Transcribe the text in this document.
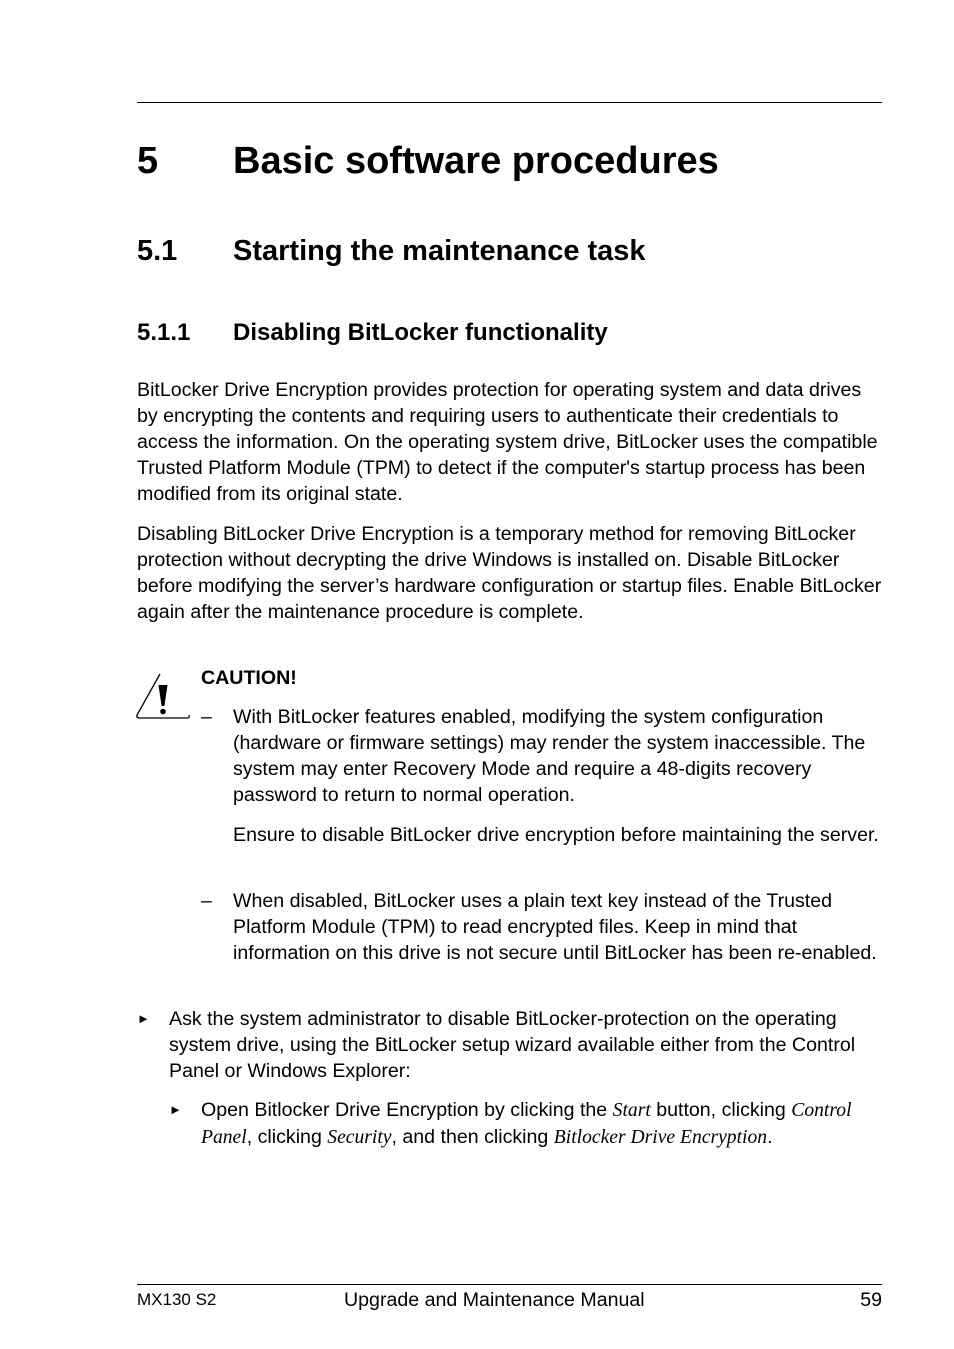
5 Basic software procedures
5.1 Starting the maintenance task
5.1.1 Disabling BitLocker functionality
BitLocker Drive Encryption provides protection for operating system and data drives by encrypting the contents and requiring users to authenticate their credentials to access the information. On the operating system drive, BitLocker uses the compatible Trusted Platform Module (TPM) to detect if the computer's startup process has been modified from its original state.
Disabling BitLocker Drive Encryption is a temporary method for removing BitLocker protection without decrypting the drive Windows is installed on. Disable BitLocker before modifying the server’s hardware configuration or startup files. Enable BitLocker again after the maintenance procedure is complete.
CAUTION!
– With BitLocker features enabled, modifying the system configuration (hardware or firmware settings) may render the system inaccessible. The system may enter Recovery Mode and require a 48-digits recovery password to return to normal operation.
Ensure to disable BitLocker drive encryption before maintaining the server.
– When disabled, BitLocker uses a plain text key instead of the Trusted Platform Module (TPM) to read encrypted files. Keep in mind that information on this drive is not secure until BitLocker has been re-enabled.
► Ask the system administrator to disable BitLocker-protection on the operating system drive, using the BitLocker setup wizard available either from the Control Panel or Windows Explorer:
► Open Bitlocker Drive Encryption by clicking the Start button, clicking Control Panel, clicking Security, and then clicking Bitlocker Drive Encryption.
MX130 S2	Upgrade and Maintenance Manual	59
